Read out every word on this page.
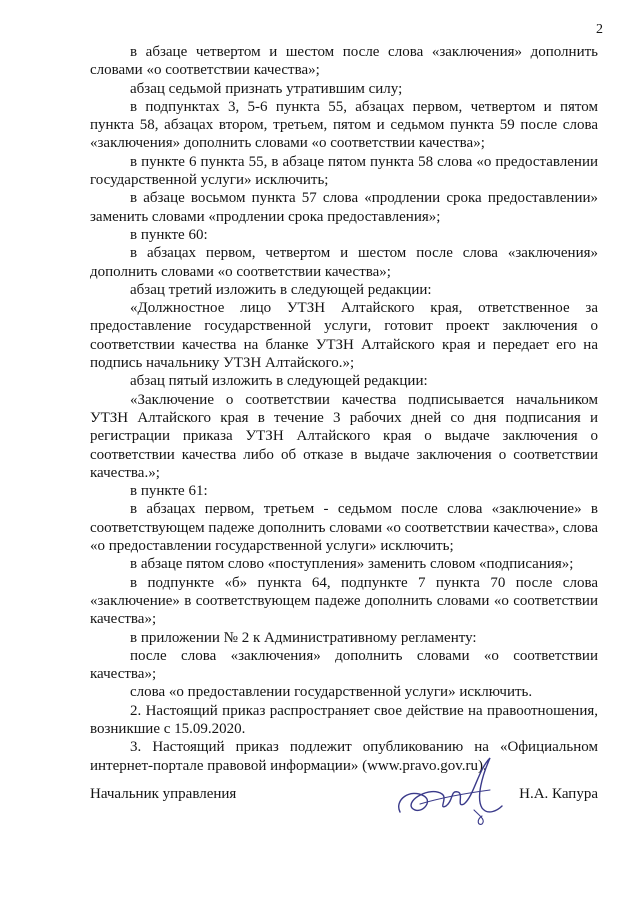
2

в абзаце четвертом и шестом после слова «заключения» дополнить словами «о соответствии качества»;

абзац седьмой признать утратившим силу;

в подпунктах 3, 5-6 пункта 55, абзацах первом, четвертом и пятом пункта 58, абзацах втором, третьем, пятом и седьмом пункта 59 после слова «заключения» дополнить словами «о соответствии качества»;

в пункте 6 пункта 55, в абзаце пятом пункта 58 слова «о предоставлении государственной услуги» исключить;

в абзаце восьмом пункта 57 слова «продлении срока предоставлении» заменить словами «продлении срока предоставления»;

в пункте 60:

в абзацах первом, четвертом и шестом после слова «заключения» дополнить словами «о соответствии качества»;

абзац третий изложить в следующей редакции:

«Должностное лицо УТЗН Алтайского края, ответственное за предоставление государственной услуги, готовит проект заключения о соответствии качества на бланке УТЗН Алтайского края и передает его на подпись начальнику УТЗН Алтайского.»;

абзац пятый изложить в следующей редакции:

«Заключение о соответствии качества подписывается начальником УТЗН Алтайского края в течение 3 рабочих дней со дня подписания и регистрации приказа УТЗН Алтайского края о выдаче заключения о соответствии качества либо об отказе в выдаче заключения о соответствии качества.»;

в пункте 61:

в абзацах первом, третьем - седьмом после слова «заключение» в соответствующем падеже дополнить словами «о соответствии качества», слова «о предоставлении государственной услуги» исключить;

в абзаце пятом слово «поступления» заменить словом «подписания»;

в подпункте «б» пункта 64, подпункте 7 пункта 70 после слова «заключение» в соответствующем падеже дополнить словами «о соответствии качества»;

в приложении № 2 к Административному регламенту:

после слова «заключения» дополнить словами «о соответствии качества»;

слова «о предоставлении государственной услуги» исключить.

2. Настоящий приказ распространяет свое действие на правоотношения, возникшие с 15.09.2020.

3. Настоящий приказ подлежит опубликованию на «Официальном интернет-портале правовой информации» (www.pravo.gov.ru).

Начальник управления	Н.А. Капура
